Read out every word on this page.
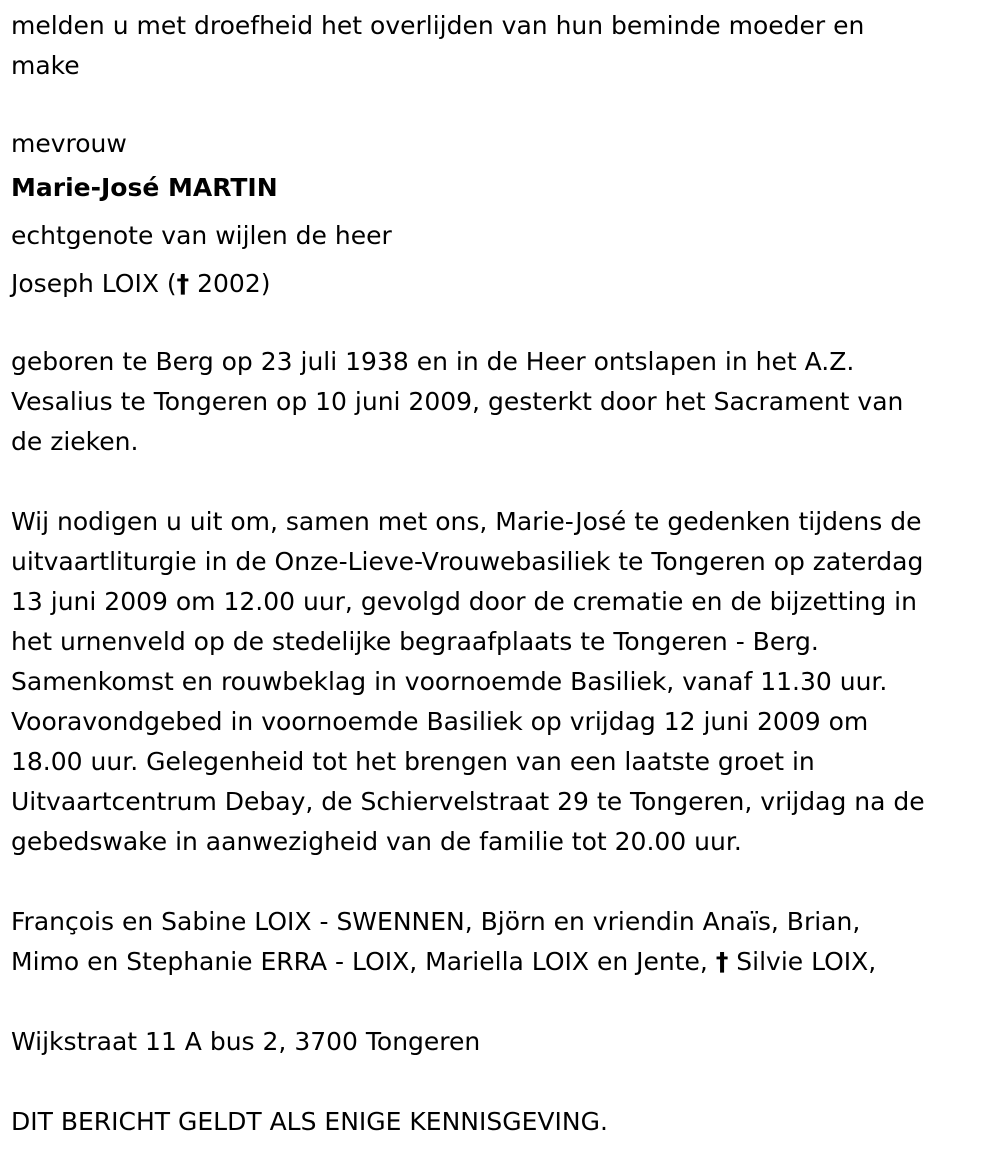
melden u met droefheid het overlijden van hun beminde moeder en

make

mevrouw

Marie-José MARTIN

echtgenote van wijlen de heer

Joseph LOIX († 2002)

geboren te Berg op 23 juli 1938 en in de Heer ontslapen in het A.Z.

Vesalius te Tongeren op 10 juni 2009, gesterkt door het Sacrament van

de zieken.

Wij nodigen u uit om, samen met ons, Marie-José te gedenken tijdens de

uitvaartliturgie in de Onze-Lieve-Vrouwebasiliek te Tongeren op zaterdag

13 juni 2009 om 12.00 uur, gevolgd door de crematie en de bijzetting in

het urnenveld op de stedelijke begraafplaats te Tongeren - Berg.

Samenkomst en rouwbeklag in voornoemde Basiliek, vanaf 11.30 uur.

Vooravondgebed in voornoemde Basiliek op vrijdag 12 juni 2009 om

18.00 uur. Gelegenheid tot het brengen van een laatste groet in

Uitvaartcentrum Debay, de Schiervelstraat 29 te Tongeren, vrijdag na de

gebedswake in aanwezigheid van de familie tot 20.00 uur.

François en Sabine LOIX - SWENNEN, Björn en vriendin Anaïs, Brian,

Mimo en Stephanie ERRA - LOIX, Mariella LOIX en Jente, † Silvie LOIX,

Wijkstraat 11 A bus 2, 3700 Tongeren

DIT BERICHT GELDT ALS ENIGE KENNISGEVING.
